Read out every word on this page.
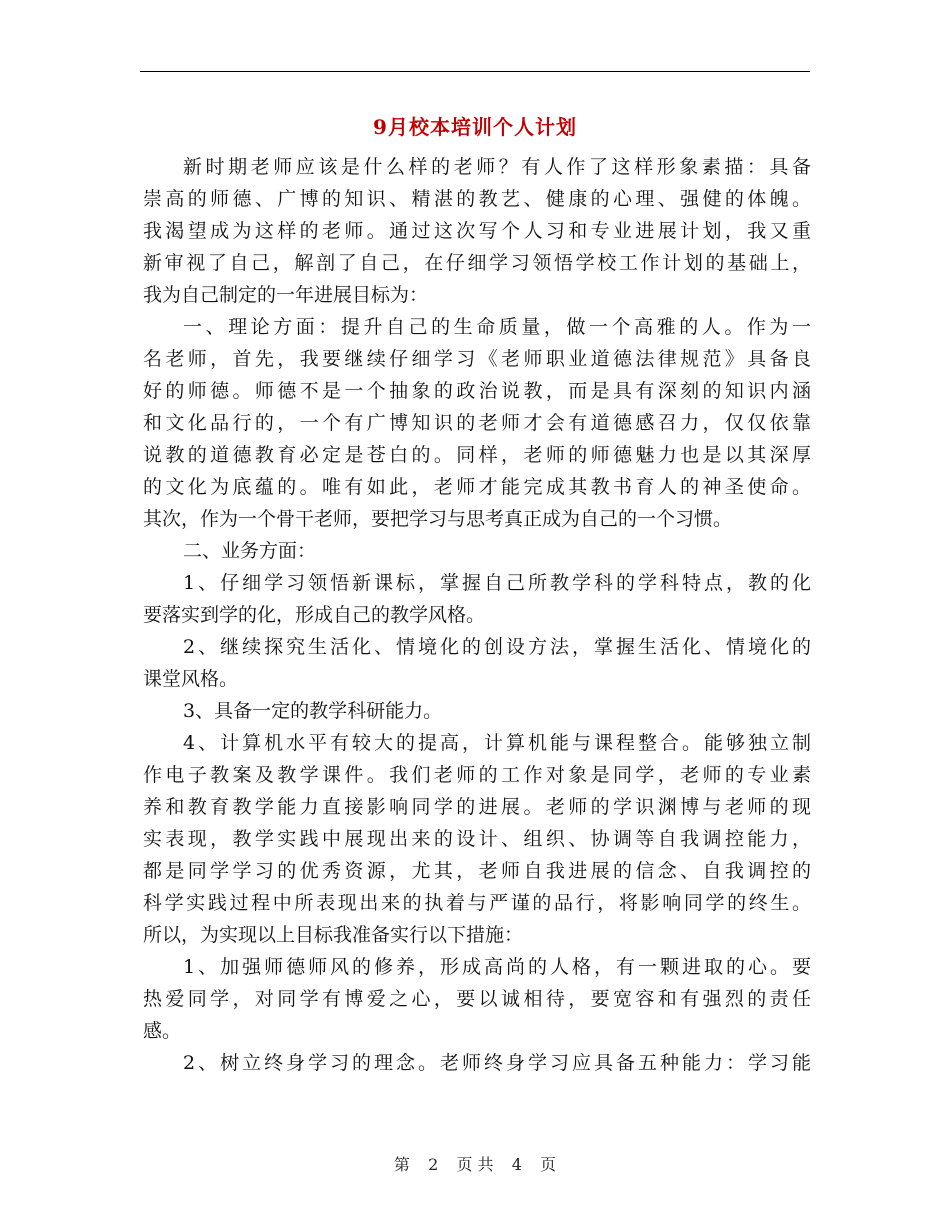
9月校本培训个人计划
新时期老师应该是什么样的老师？有人作了这样形象素描：具备
崇高的师德、广博的知识、精湛的教艺、健康的心理、强健的体魄。
我渴望成为这样的老师。通过这次写个人习和专业进展计划，我又重
新审视了自己，解剖了自己，在仔细学习领悟学校工作计划的基础上，
我为自己制定的一年进展目标为：
一、理论方面：提升自己的生命质量，做一个高雅的人。作为一
名老师，首先，我要继续仔细学习《老师职业道德法律规范》具备良
好的师德。师德不是一个抽象的政治说教，而是具有深刻的知识内涵
和文化品行的，一个有广博知识的老师才会有道德感召力，仅仅依靠
说教的道德教育必定是苍白的。同样，老师的师德魅力也是以其深厚
的文化为底蕴的。唯有如此，老师才能完成其教书育人的神圣使命。
其次，作为一个骨干老师，要把学习与思考真正成为自己的一个习惯。
二、业务方面：
1、仔细学习领悟新课标，掌握自己所教学科的学科特点，教的化
要落实到学的化，形成自己的教学风格。
2、继续探究生活化、情境化的创设方法，掌握生活化、情境化的
课堂风格。
3、具备一定的教学科研能力。
4、计算机水平有较大的提高，计算机能与课程整合。能够独立制
作电子教案及教学课件。我们老师的工作对象是同学，老师的专业素
养和教育教学能力直接影响同学的进展。老师的学识渊博与老师的现
实表现，教学实践中展现出来的设计、组织、协调等自我调控能力，
都是同学学习的优秀资源，尤其，老师自我进展的信念、自我调控的
科学实践过程中所表现出来的执着与严谨的品行，将影响同学的终生。
所以，为实现以上目标我准备实行以下措施：
1、加强师德师风的修养，形成高尚的人格，有一颗进取的心。要
热爱同学，对同学有博爱之心，要以诚相待，要宽容和有强烈的责任
感。
2、树立终身学习的理念。老师终身学习应具备五种能力：学习能
第 2 页 共 4 页
